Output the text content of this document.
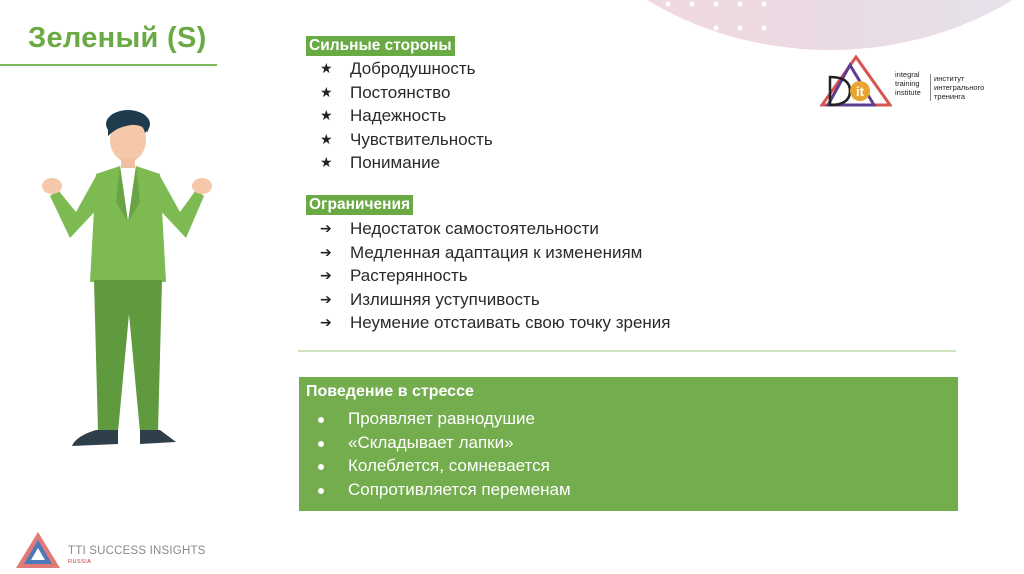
Зеленый (S)	Сильные стороны
★ Добродушность
★ Постоянство
★ Надежность
★ Чувствительность
★ Понимание
Ограничения
➔ Недостаток самостоятельности
➔ Медленная адаптация к изменениям
➔ Растерянность
➔ Излишняя уступчивость
➔ Неумение отстаивать свою точку зрения
Поведение в стрессе
Проявляет равнодушие
«Складывает лапки»
Колеблется, сомневается
Сопротивляется переменам
it
integral
training
institute
институт
интегрального
тренинга
TTI SUCCESS INSIGHTS
RUSSIA
